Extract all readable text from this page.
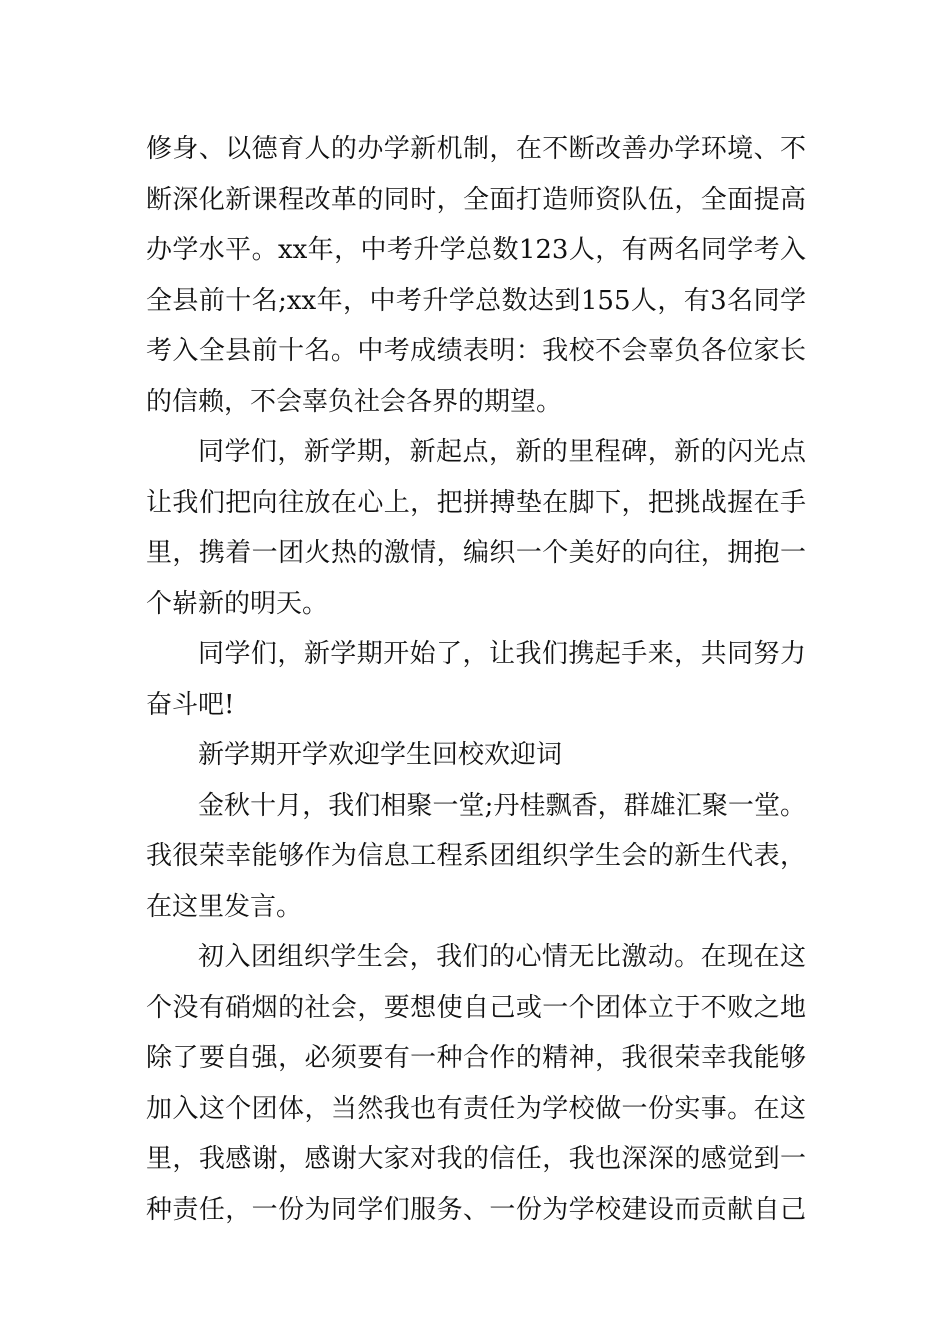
修身、以德育人的办学新机制，在不断改善办学环境、不
断深化新课程改革的同时，全面打造师资队伍，全面提高
办学水平。xx年，中考升学总数123人，有两名同学考入
全县前十名;xx年，中考升学总数达到155人，有3名同学
考入全县前十名。中考成绩表明：我校不会辜负各位家长
的信赖，不会辜负社会各界的期望。
同学们，新学期，新起点，新的里程碑，新的闪光点
让我们把向往放在心上，把拼搏垫在脚下，把挑战握在手
里，携着一团火热的激情，编织一个美好的向往，拥抱一
个崭新的明天。
同学们，新学期开始了，让我们携起手来，共同努力
奋斗吧!
新学期开学欢迎学生回校欢迎词
金秋十月，我们相聚一堂;丹桂飘香，群雄汇聚一堂。
我很荣幸能够作为信息工程系团组织学生会的新生代表，
在这里发言。
初入团组织学生会，我们的心情无比激动。在现在这
个没有硝烟的社会，要想使自己或一个团体立于不败之地
除了要自强，必须要有一种合作的精神，我很荣幸我能够
加入这个团体，当然我也有责任为学校做一份实事。在这
里，我感谢，感谢大家对我的信任，我也深深的感觉到一
种责任，一份为同学们服务、一份为学校建设而贡献自己
